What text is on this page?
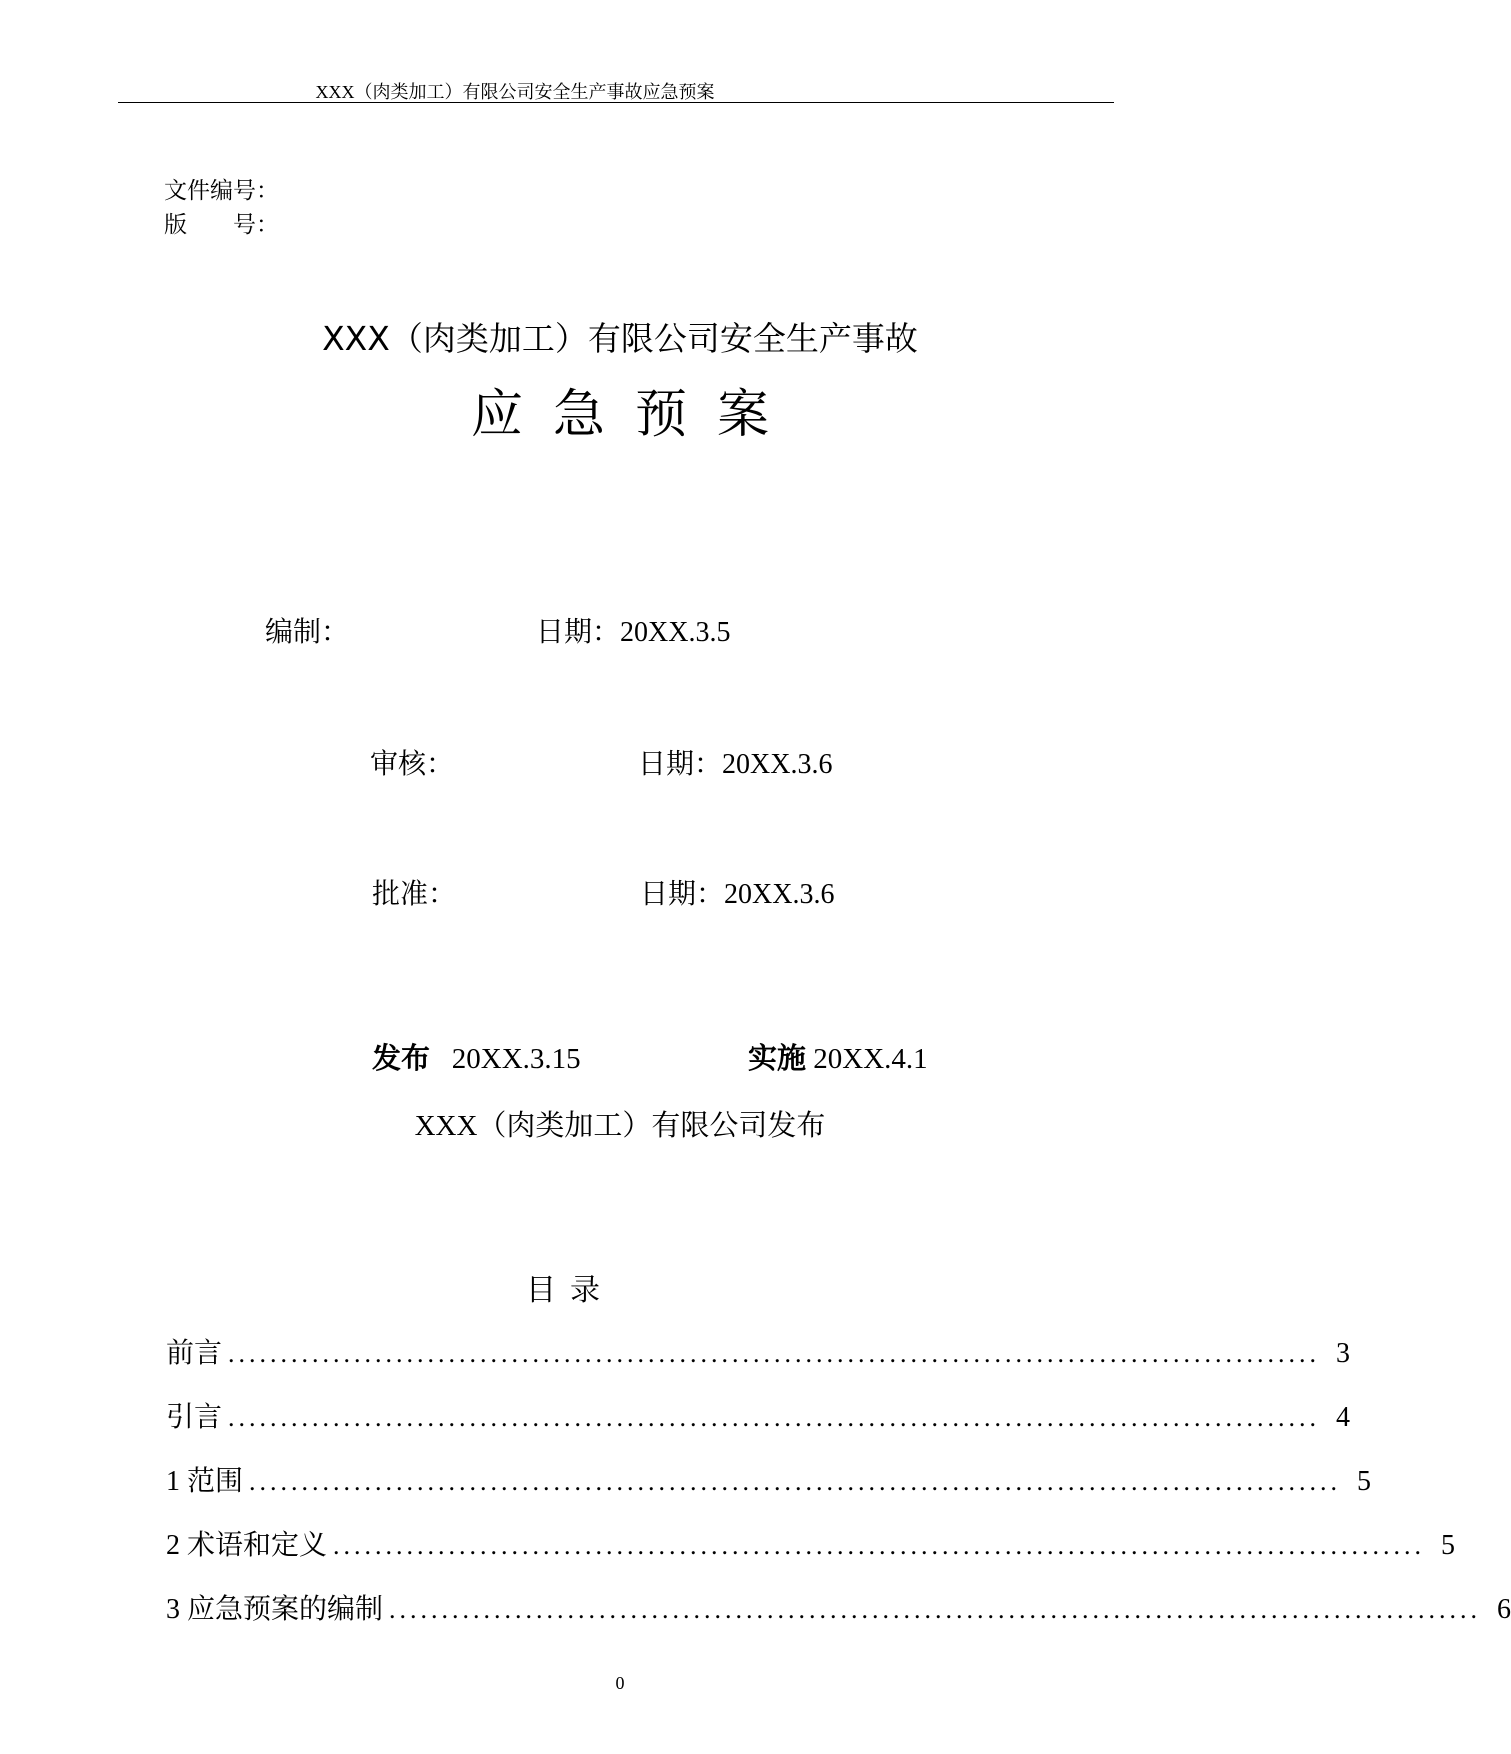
XXX（肉类加工）有限公司安全生产事故应急预案
文件编号：
版　　号：
XXX（肉类加工）有限公司安全生产事故
应急预案
编制：	日期：20XX.3.5
审核：	日期：20XX.3.6
批准：	日期：20XX.3.6
发布 20XX.3.15	实施 20XX.4.1
XXX（肉类加工）有限公司发布
目录
前言 ........................................................................................................ 3
引言 ........................................................................................................ 4
1 范围 ........................................................................................................ 5
2 术语和定义 ........................................................................................................ 5
3 应急预案的编制 ........................................................................................................ 6
0
